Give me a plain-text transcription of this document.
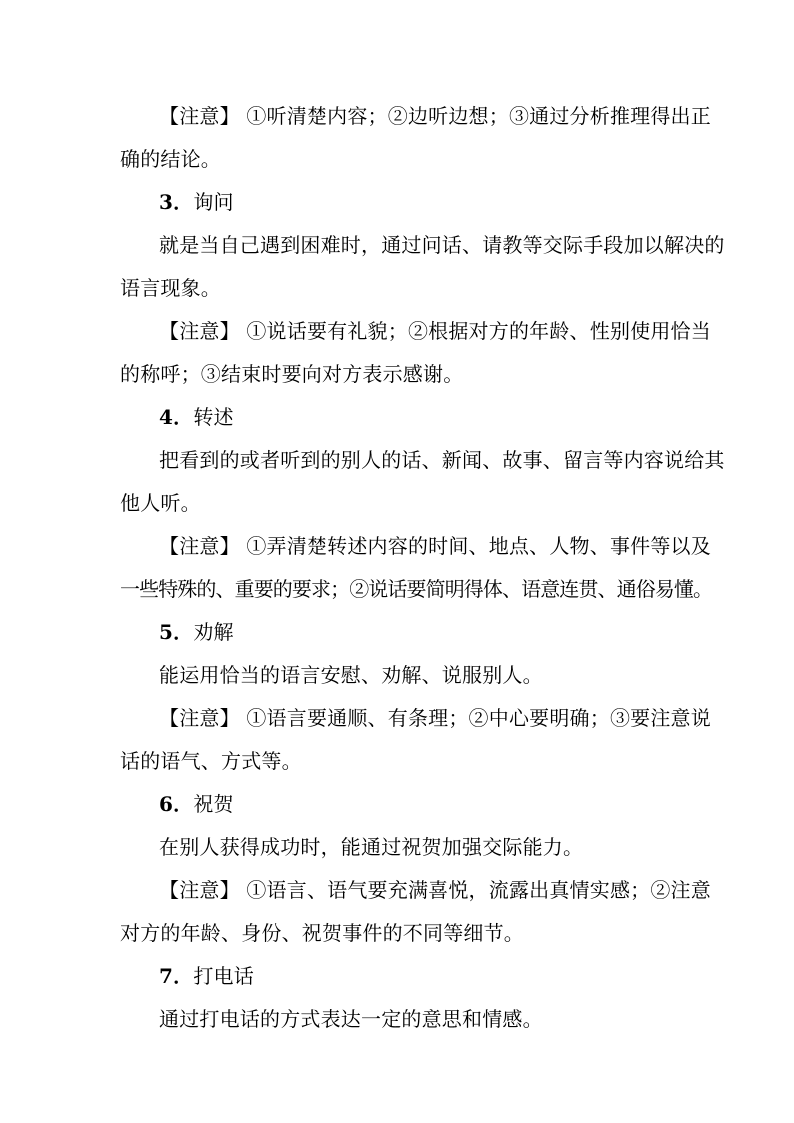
【注意】 ①听清楚内容；②边听边想；③通过分析推理得出正
确的结论。
3．询问
就是当自己遇到困难时，通过问话、请教等交际手段加以解决的
语言现象。
【注意】 ①说话要有礼貌；②根据对方的年龄、性别使用恰当
的称呼；③结束时要向对方表示感谢。
4．转述
把看到的或者听到的别人的话、新闻、故事、留言等内容说给其
他人听。
【注意】 ①弄清楚转述内容的时间、地点、人物、事件等以及
一些特殊的、重要的要求；②说话要简明得体、语意连贯、通俗易懂。
5．劝解
能运用恰当的语言安慰、劝解、说服别人。
【注意】 ①语言要通顺、有条理；②中心要明确；③要注意说
话的语气、方式等。
6．祝贺
在别人获得成功时，能通过祝贺加强交际能力。
【注意】 ①语言、语气要充满喜悦，流露出真情实感；②注意
对方的年龄、身份、祝贺事件的不同等细节。
7．打电话
通过打电话的方式表达一定的意思和情感。
